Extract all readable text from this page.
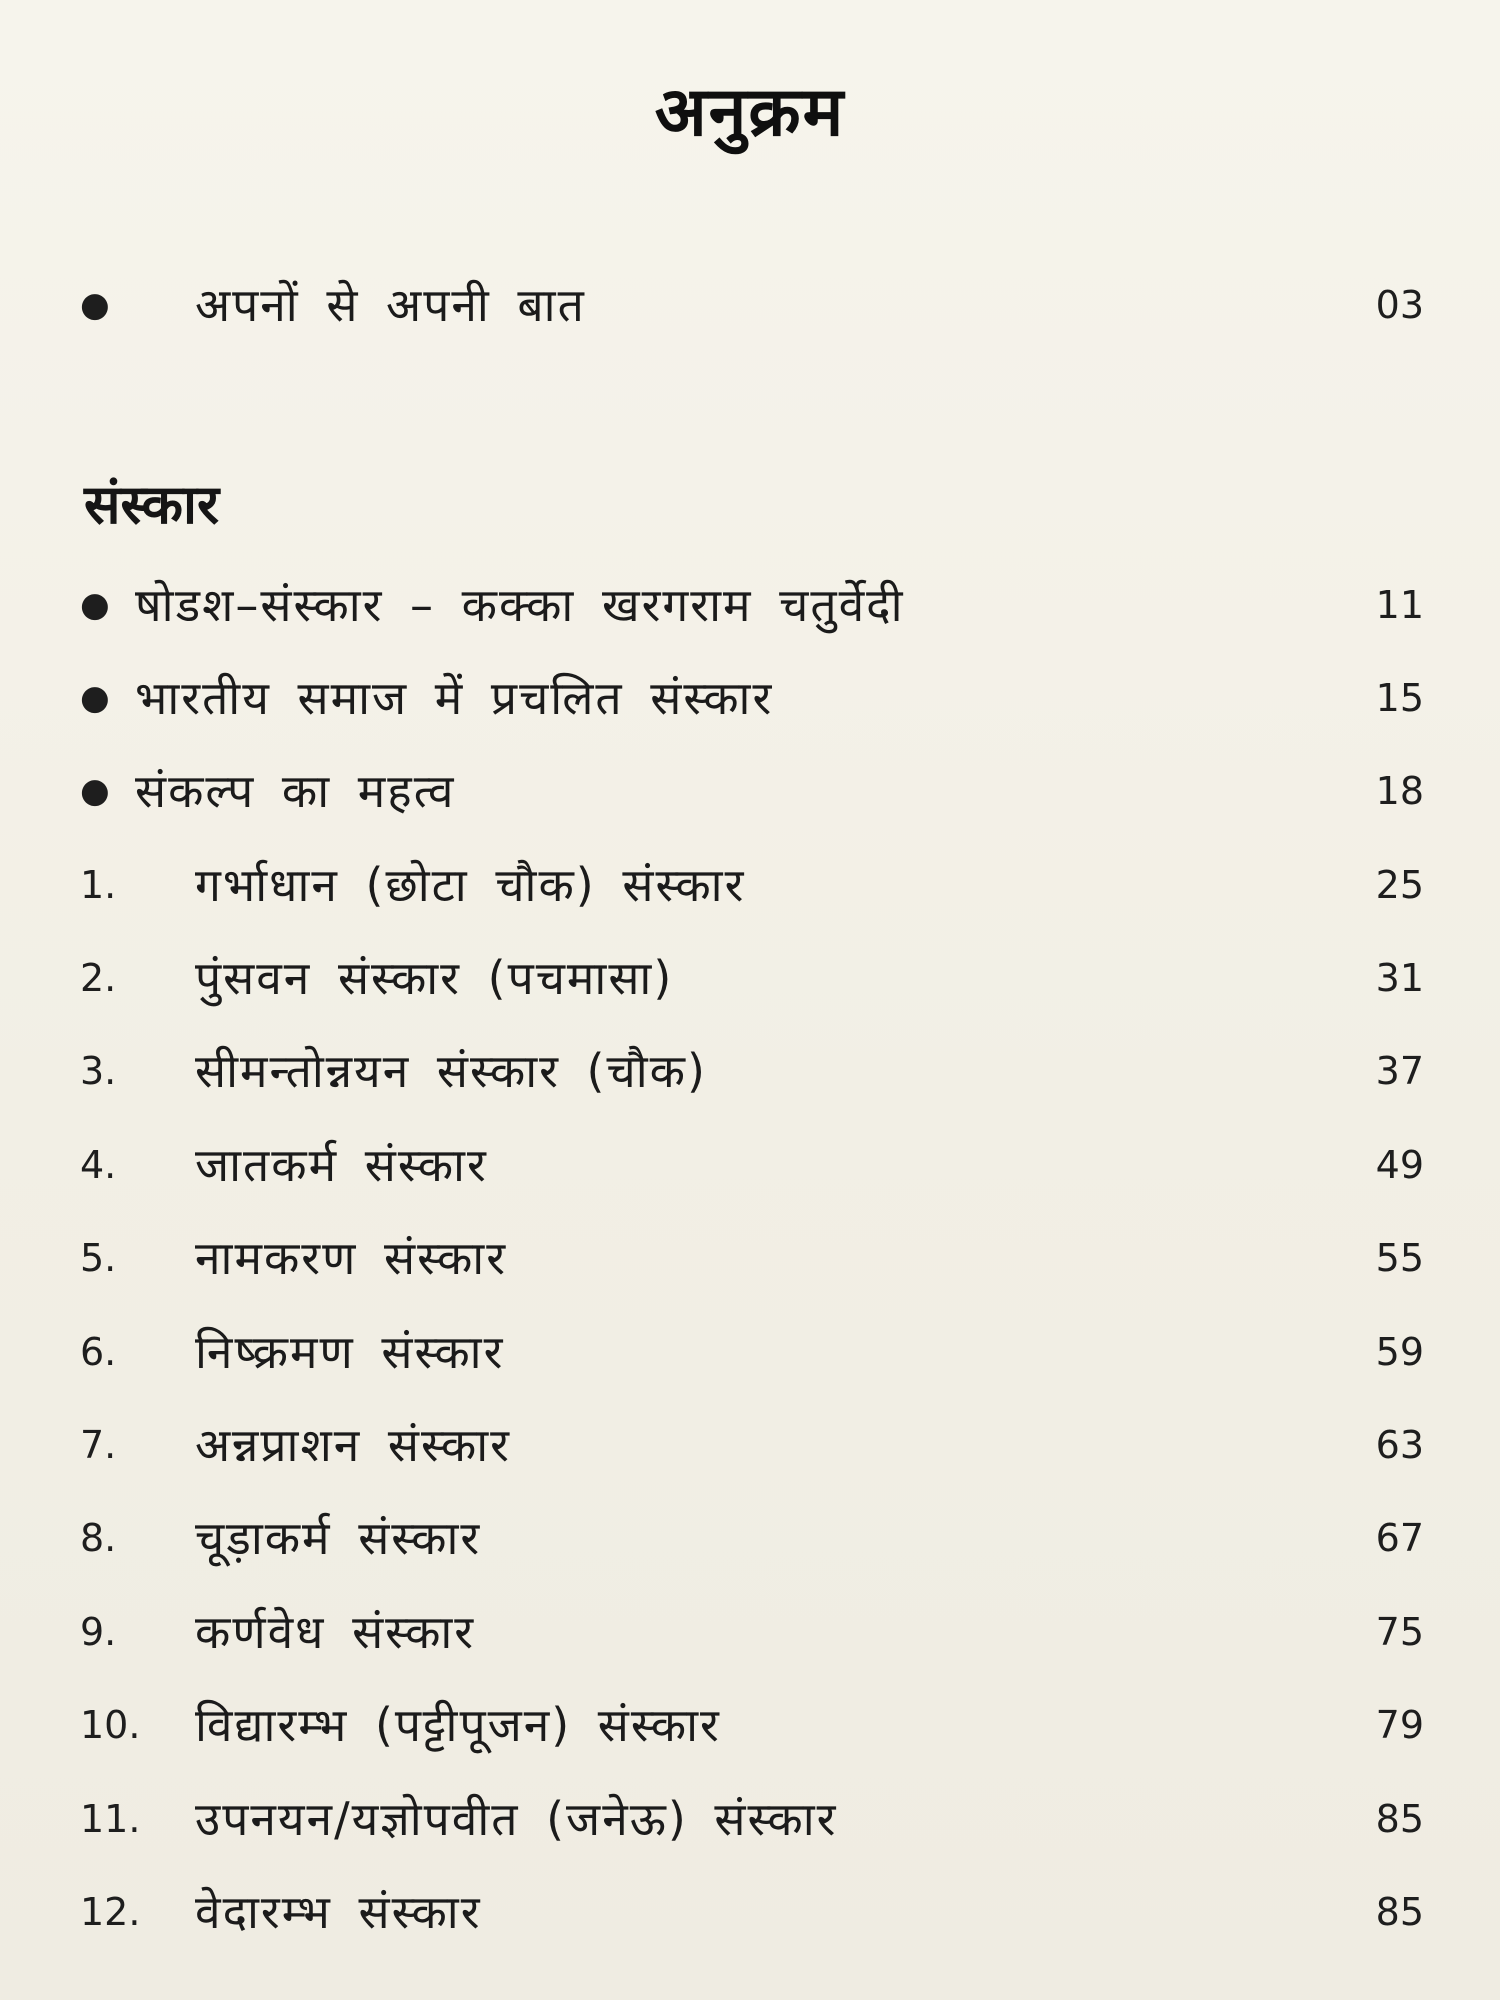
अनुक्रम
● अपनों से अपनी बात	03
संस्कार
● षोडश–संस्कार – कक्का खरगराम चतुर्वेदी	11
● भारतीय समाज में प्रचलित संस्कार	15
● संकल्प का महत्व	18
1. गर्भाधान (छोटा चौक) संस्कार	25
2. पुंसवन संस्कार (पचमासा)	31
3. सीमन्तोन्नयन संस्कार (चौक)	37
4. जातकर्म संस्कार	49
5. नामकरण संस्कार	55
6. निष्क्रमण संस्कार	59
7. अन्नप्राशन संस्कार	63
8. चूड़ाकर्म संस्कार	67
9. कर्णवेध संस्कार	75
10. विद्यारम्भ (पट्टीपूजन) संस्कार	79
11. उपनयन/यज्ञोपवीत (जनेऊ) संस्कार	85
12. वेदारम्भ संस्कार	85
